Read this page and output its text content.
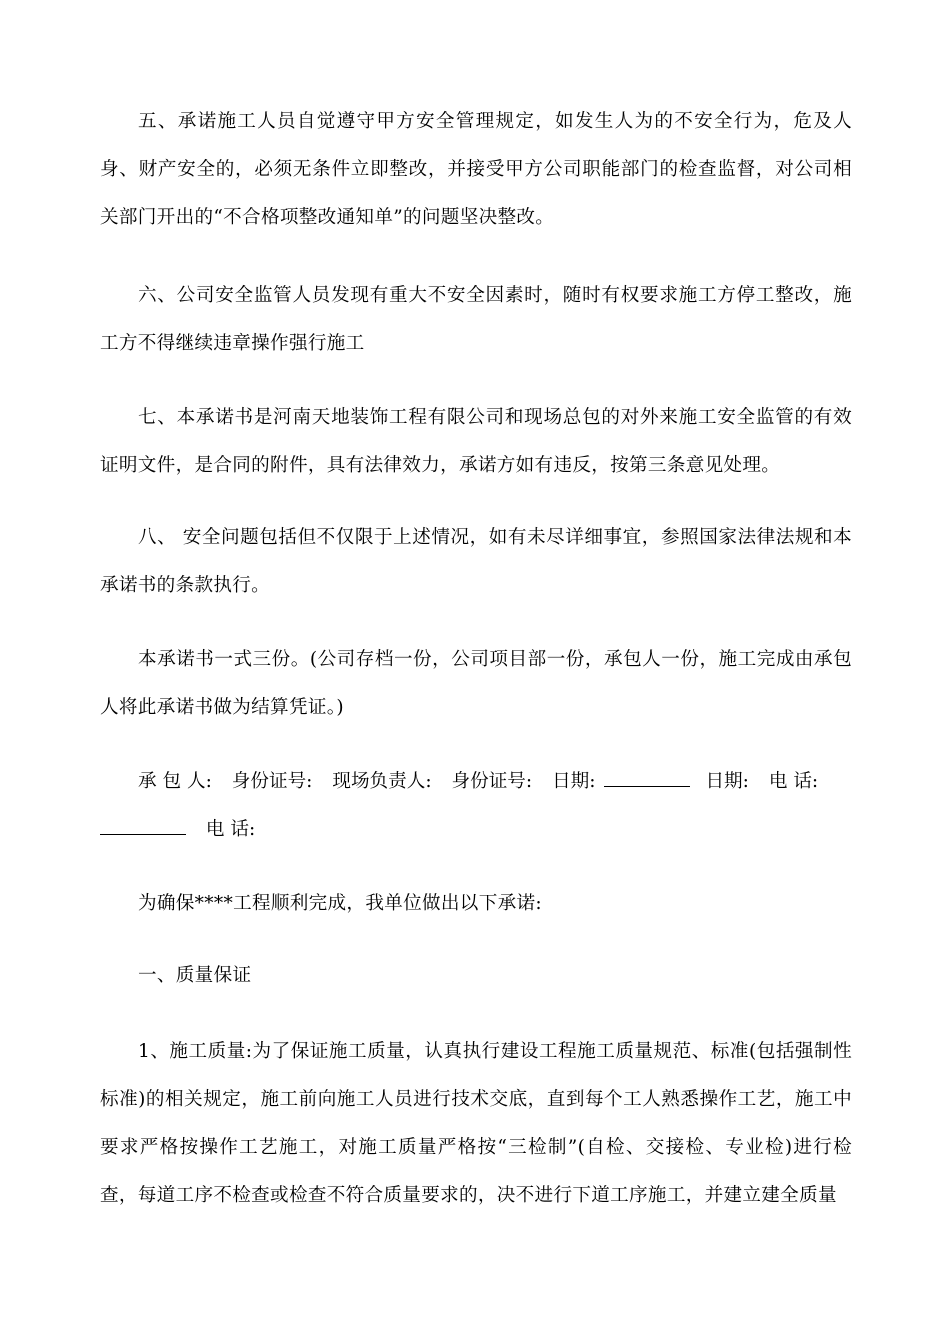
五、承诺施工人员自觉遵守甲方安全管理规定，如发生人为的不安全行为，危及人身、财产安全的，必须无条件立即整改，并接受甲方公司职能部门的检查监督，对公司相关部门开出的“不合格项整改通知单”的问题坚决整改。

六、公司安全监管人员发现有重大不安全因素时，随时有权要求施工方停工整改，施工方不得继续违章操作强行施工

七、本承诺书是河南天地装饰工程有限公司和现场总包的对外来施工安全监管的有效证明文件，是合同的附件，具有法律效力，承诺方如有违反，按第三条意见处理。

八、 安全问题包括但不仅限于上述情况，如有未尽详细事宜，参照国家法律法规和本承诺书的条款执行。

本承诺书一式三份。(公司存档一份，公司项目部一份，承包人一份，施工完成由承包人将此承诺书做为结算凭证。)

承 包 人: 身份证号: 现场负责人: 身份证号: 日期:	日期: 电 话:
电 话:

为确保****工程顺利完成，我单位做出以下承诺:

一、质量保证

1、施工质量:为了保证施工质量，认真执行建设工程施工质量规范、标准(包括强制性标准)的相关规定，施工前向施工人员进行技术交底，直到每个工人熟悉操作工艺，施工中要求严格按操作工艺施工，对施工质量严格按“三检制”(自检、交接检、专业检)进行检查，每道工序不检查或检查不符合质量要求的，决不进行下道工序施工，并建立建全质量
